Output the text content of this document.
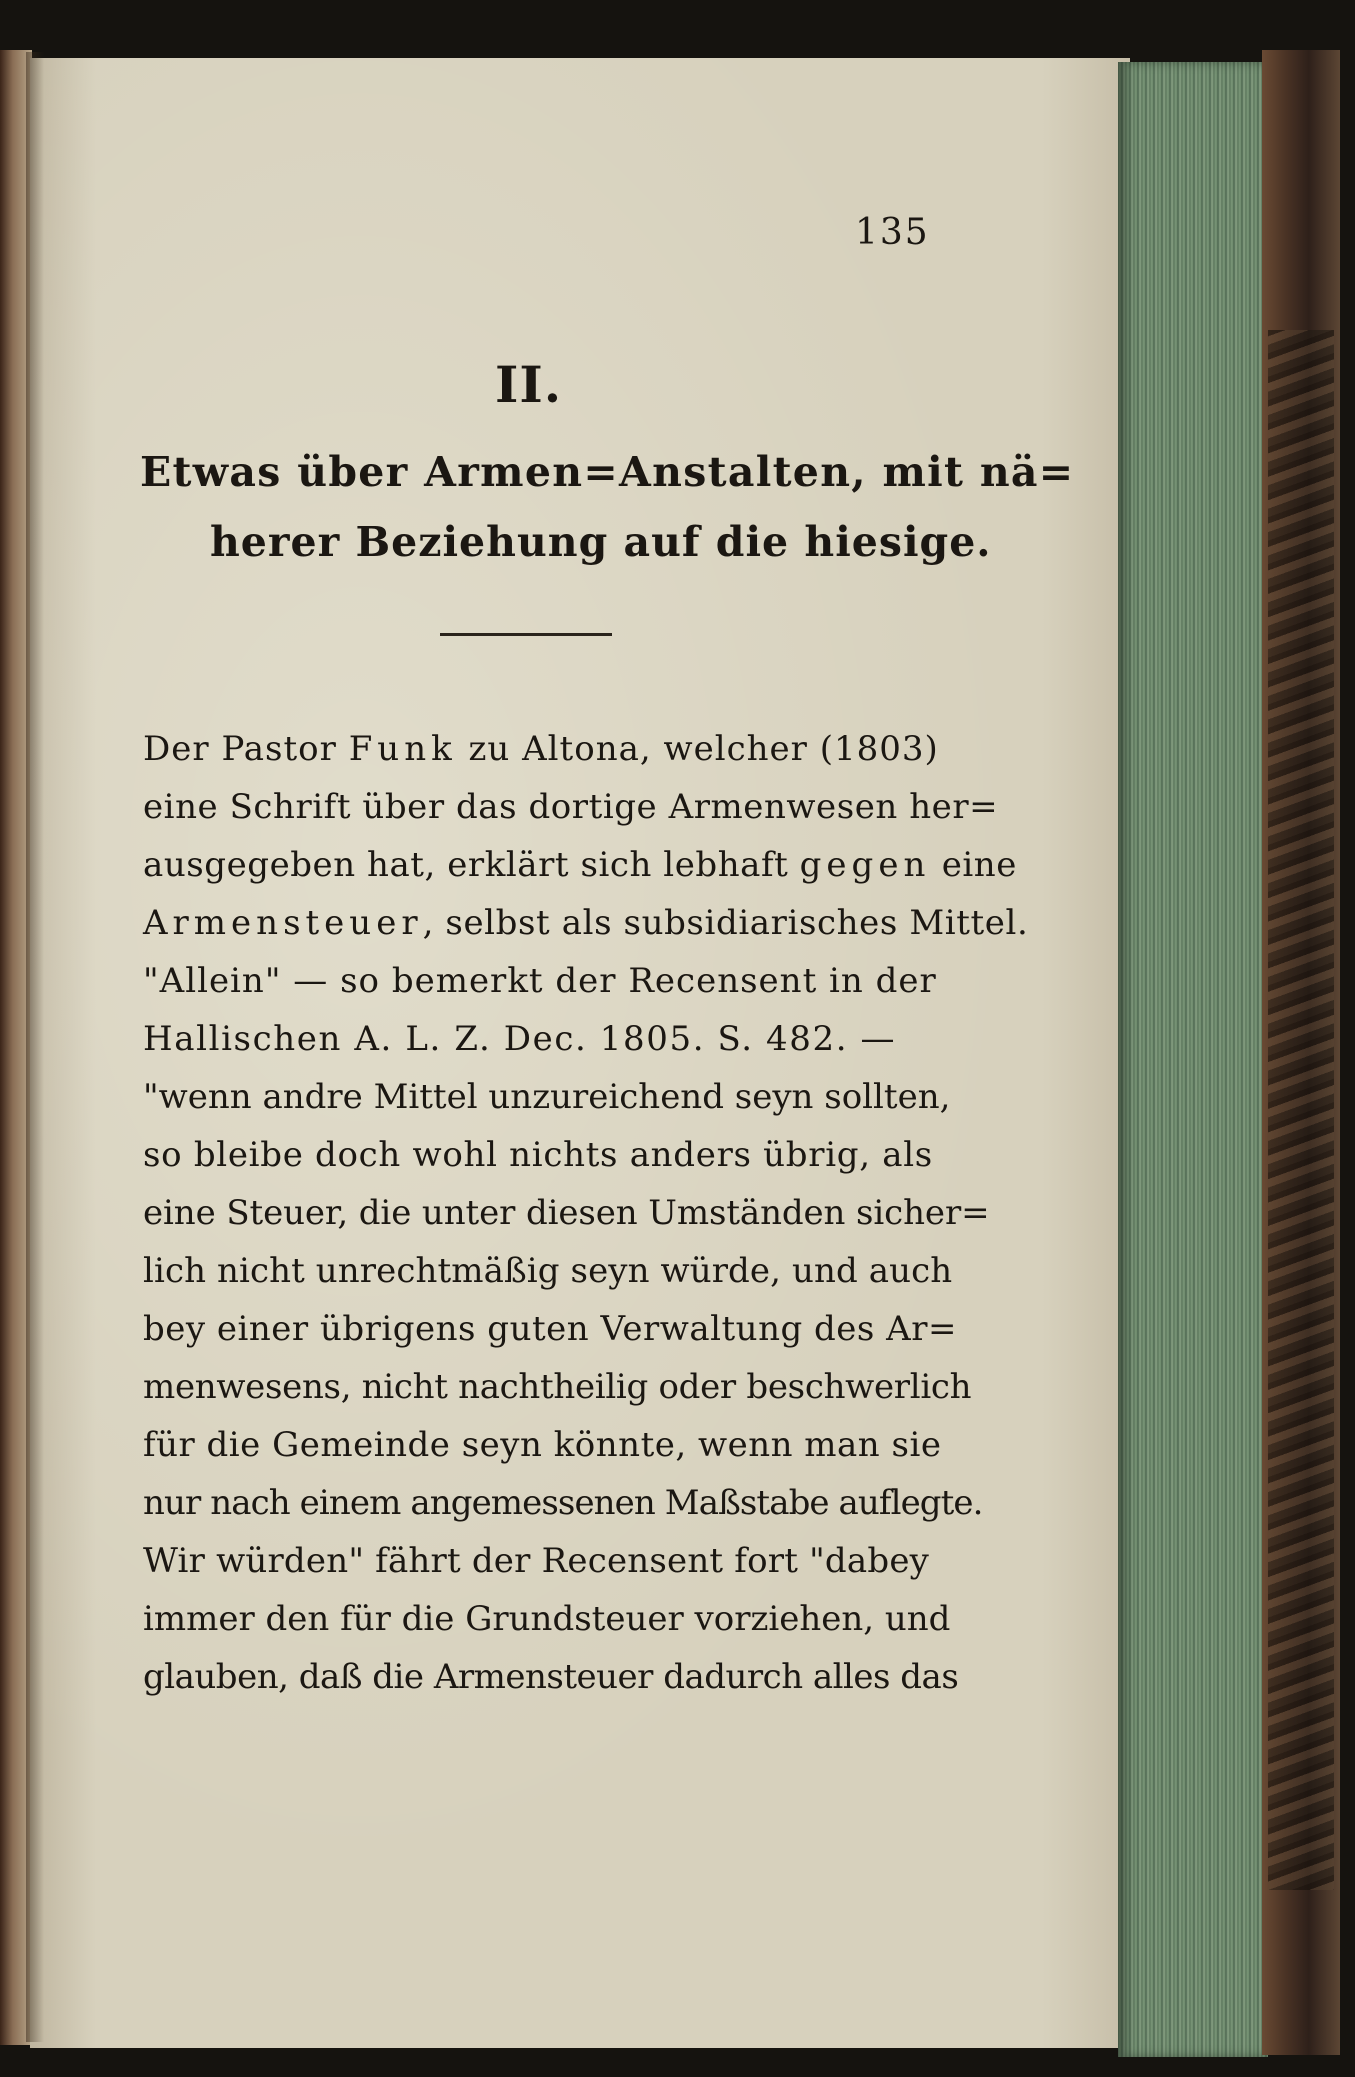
135
II.
Etwas über Armen=Anstalten, mit nä=
herer Beziehung auf die hiesige.
Der Pastor Funk zu Altona, welcher (1803)
eine Schrift über das dortige Armenwesen her=
ausgegeben hat, erklärt sich lebhaft gegen eine
Armensteuer, selbst als subsidiarisches Mittel.
"Allein" — so bemerkt der Recensent in der
Hallischen A. L. Z. Dec. 1805. S. 482. —
"wenn andre Mittel unzureichend seyn sollten,
so bleibe doch wohl nichts anders übrig, als
eine Steuer, die unter diesen Umständen sicher=
lich nicht unrechtmäßig seyn würde, und auch
bey einer übrigens guten Verwaltung des Ar=
menwesens, nicht nachtheilig oder beschwerlich
für die Gemeinde seyn könnte, wenn man sie
nur nach einem angemessenen Maßstabe auflegte.
Wir würden" fährt der Recensent fort "dabey
immer den für die Grundsteuer vorziehen, und
glauben, daß die Armensteuer dadurch alles das
